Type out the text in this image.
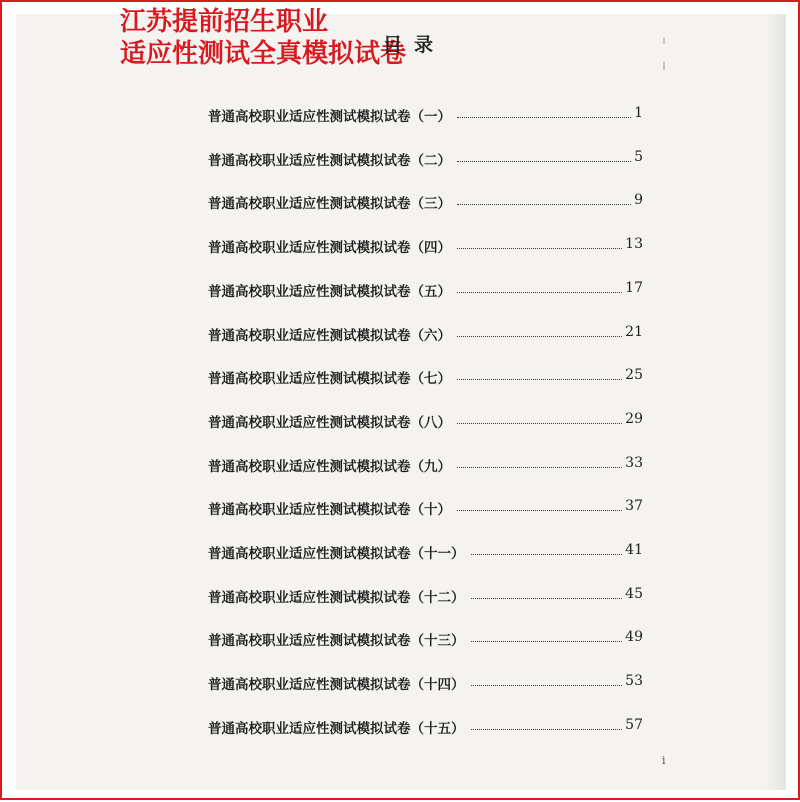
江苏提前招生职业
适应性测试全真模拟试卷
目录
普通高校职业适应性测试模拟试卷（一）	1
普通高校职业适应性测试模拟试卷（二）	5
普通高校职业适应性测试模拟试卷（三）	9
普通高校职业适应性测试模拟试卷（四）	13
普通高校职业适应性测试模拟试卷（五）	17
普通高校职业适应性测试模拟试卷（六）	21
普通高校职业适应性测试模拟试卷（七）	25
普通高校职业适应性测试模拟试卷（八）	29
普通高校职业适应性测试模拟试卷（九）	33
普通高校职业适应性测试模拟试卷（十）	37
普通高校职业适应性测试模拟试卷（十一）	41
普通高校职业适应性测试模拟试卷（十二）	45
普通高校职业适应性测试模拟试卷（十三）	49
普通高校职业适应性测试模拟试卷（十四）	53
普通高校职业适应性测试模拟试卷（十五）	57
i
